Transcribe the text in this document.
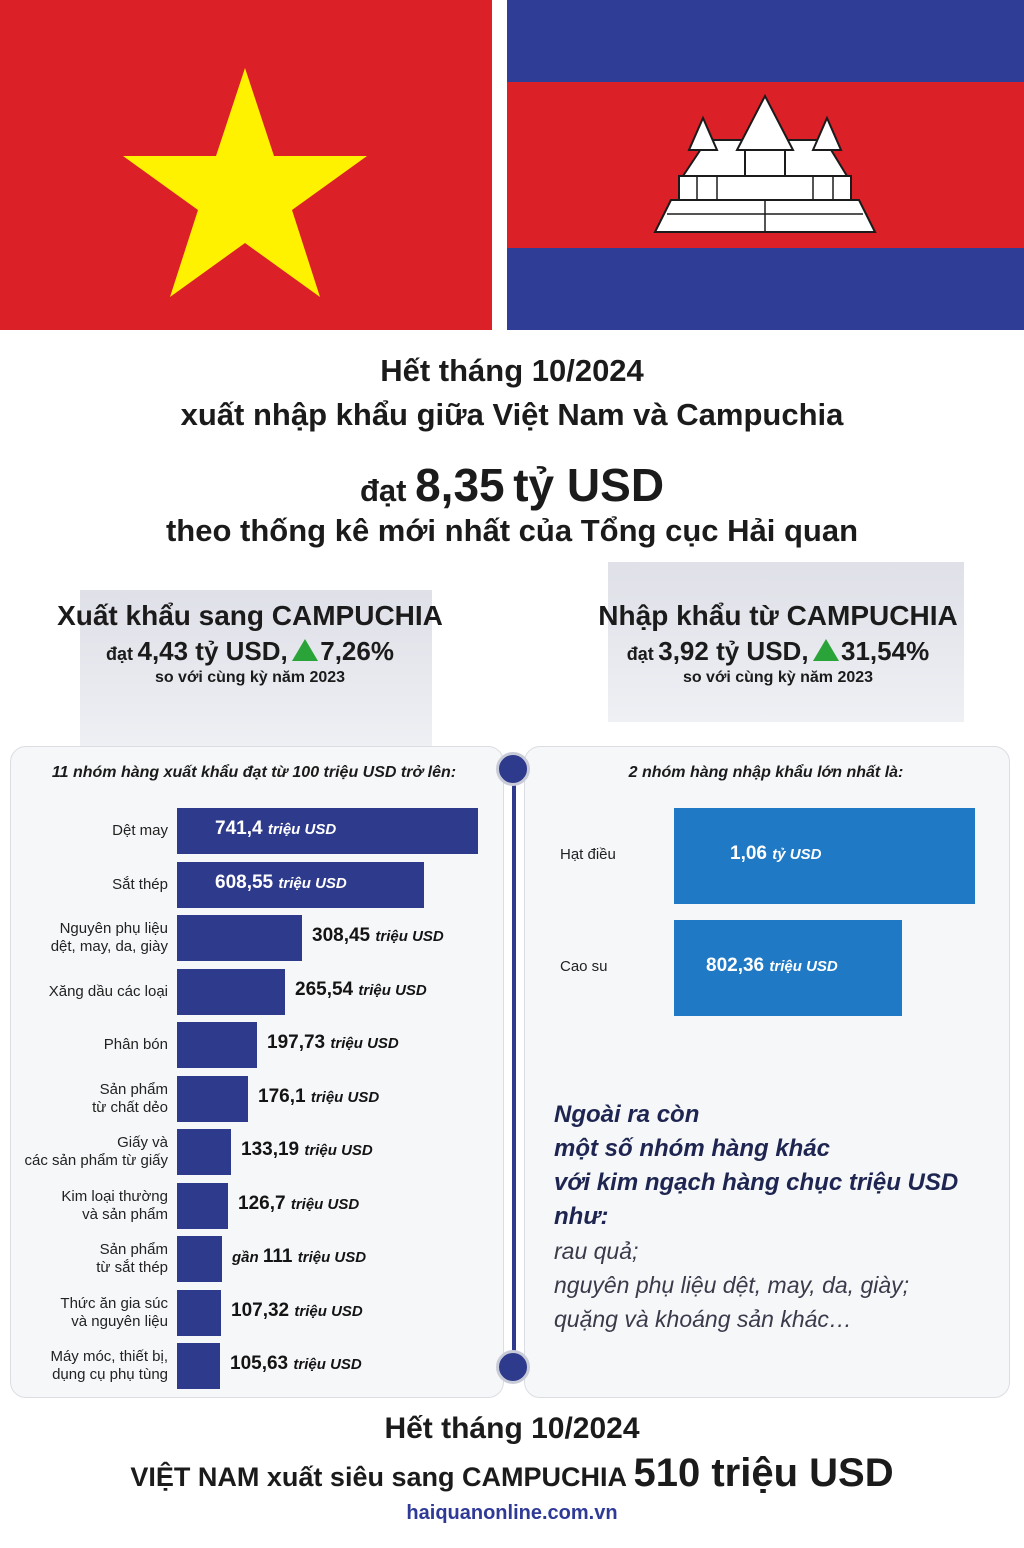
Hết tháng 10/2024
xuất nhập khẩu giữa Việt Nam và Campuchia
đạt 8,35 tỷ USD
theo thống kê mới nhất của Tổng cục Hải quan
Xuất khẩu sang CAMPUCHIA
đạt 4,43 tỷ USD, 7,26%
so với cùng kỳ năm 2023
Nhập khẩu từ CAMPUCHIA
đạt 3,92 tỷ USD, 31,54%
so với cùng kỳ năm 2023
11 nhóm hàng xuất khẩu đạt từ 100 triệu USD trở lên:
Dệt may 741,4 triệu USD
Sắt thép 608,55 triệu USD
Nguyên phụ liệu
dệt, may, da, giày
308,45 triệu USD
Xăng dầu các loại	265,54 triệu USD
Phân bón	197,73 triệu USD
Sản phẩm
từ chất dẻo
176,1 triệu USD
Giấy và
các sản phẩm từ giấy
133,19 triệu USD
Kim loại thường
và sản phẩm
126,7 triệu USD
Sản phẩm
từ sắt thép
gần 111 triệu USD
Thức ăn gia súc
và nguyên liệu
107,32 triệu USD
Máy móc, thiết bị,
dụng cụ phụ tùng
105,63 triệu USD
2 nhóm hàng nhập khẩu lớn nhất là:
Hạt điều	1,06 tỷ USD
Cao su	802,36 triệu USD
Ngoài ra còn
một số nhóm hàng khác
với kim ngạch hàng chục triệu USD
như:
rau quả;
nguyên phụ liệu dệt, may, da, giày;
quặng và khoáng sản khác…
Hết tháng 10/2024
VIỆT NAM xuất siêu sang CAMPUCHIA 510 triệu USD
haiquanonline.com.vn
